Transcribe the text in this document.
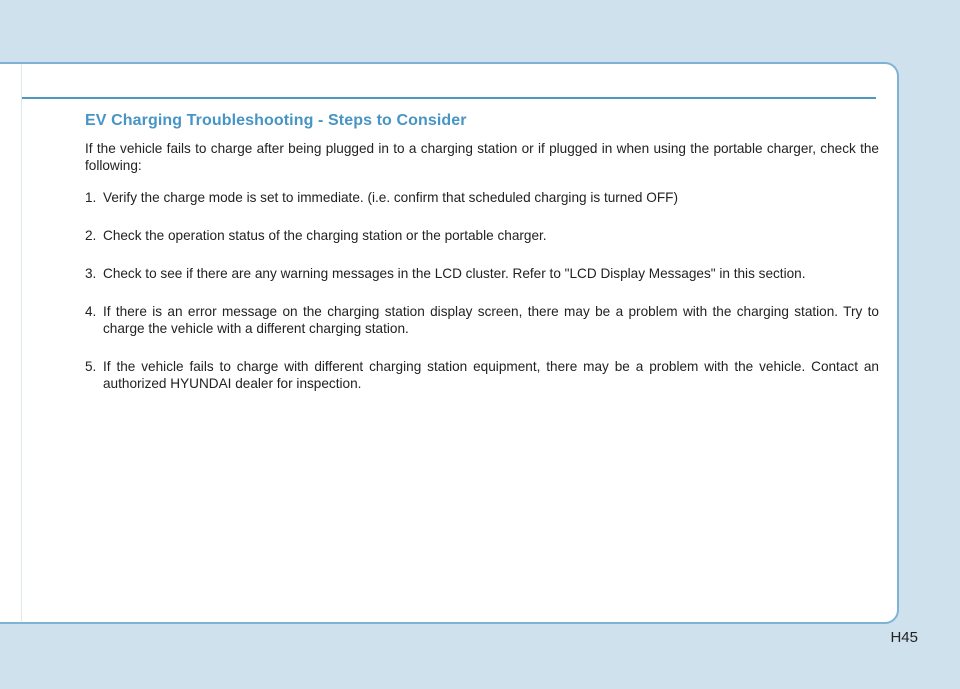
EV Charging Troubleshooting - Steps to Consider

If the vehicle fails to charge after being plugged in to a charging station or if plugged in when using the portable charger, check the following:

1. Verify the charge mode is set to immediate. (i.e. confirm that scheduled charging is turned OFF)
2. Check the operation status of the charging station or the portable charger.
3. Check to see if there are any warning messages in the LCD cluster. Refer to "LCD Display Messages" in this section.
4. If there is an error message on the charging station display screen, there may be a problem with the charging station. Try to charge the vehicle with a different charging station.
5. If the vehicle fails to charge with different charging station equipment, there may be a problem with the vehicle. Contact an authorized HYUNDAI dealer for inspection.
H45
